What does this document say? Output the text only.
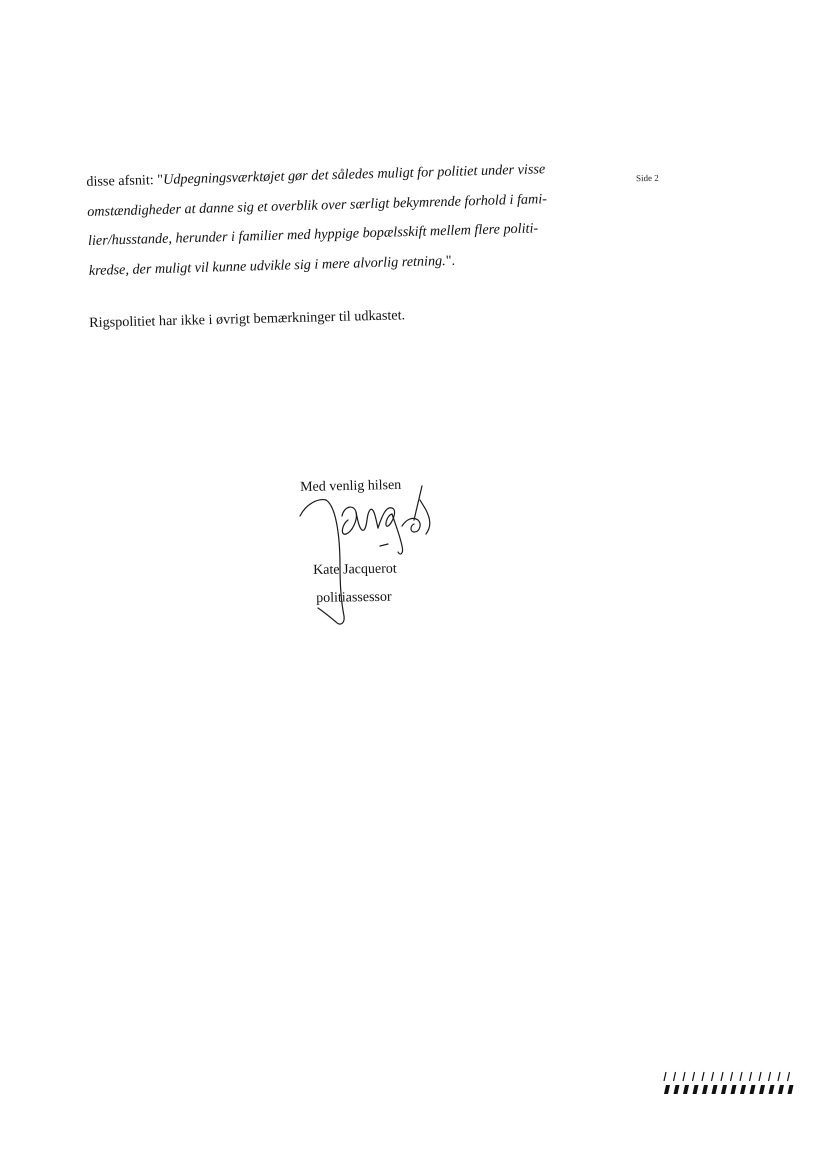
Side 2
disse afsnit: "Udpegningsværktøjet gør det således muligt for politiet under visse
omstændigheder at danne sig et overblik over særligt bekymrende forhold i fami-
lier/husstande, herunder i familier med hyppige bopælsskift mellem flere politi-
kredse, der muligt vil kunne udvikle sig i mere alvorlig retning.".
Rigspolitiet har ikke i øvrigt bemærkninger til udkastet.
Med venlig hilsen
Kate Jacquerot
politiassessor
